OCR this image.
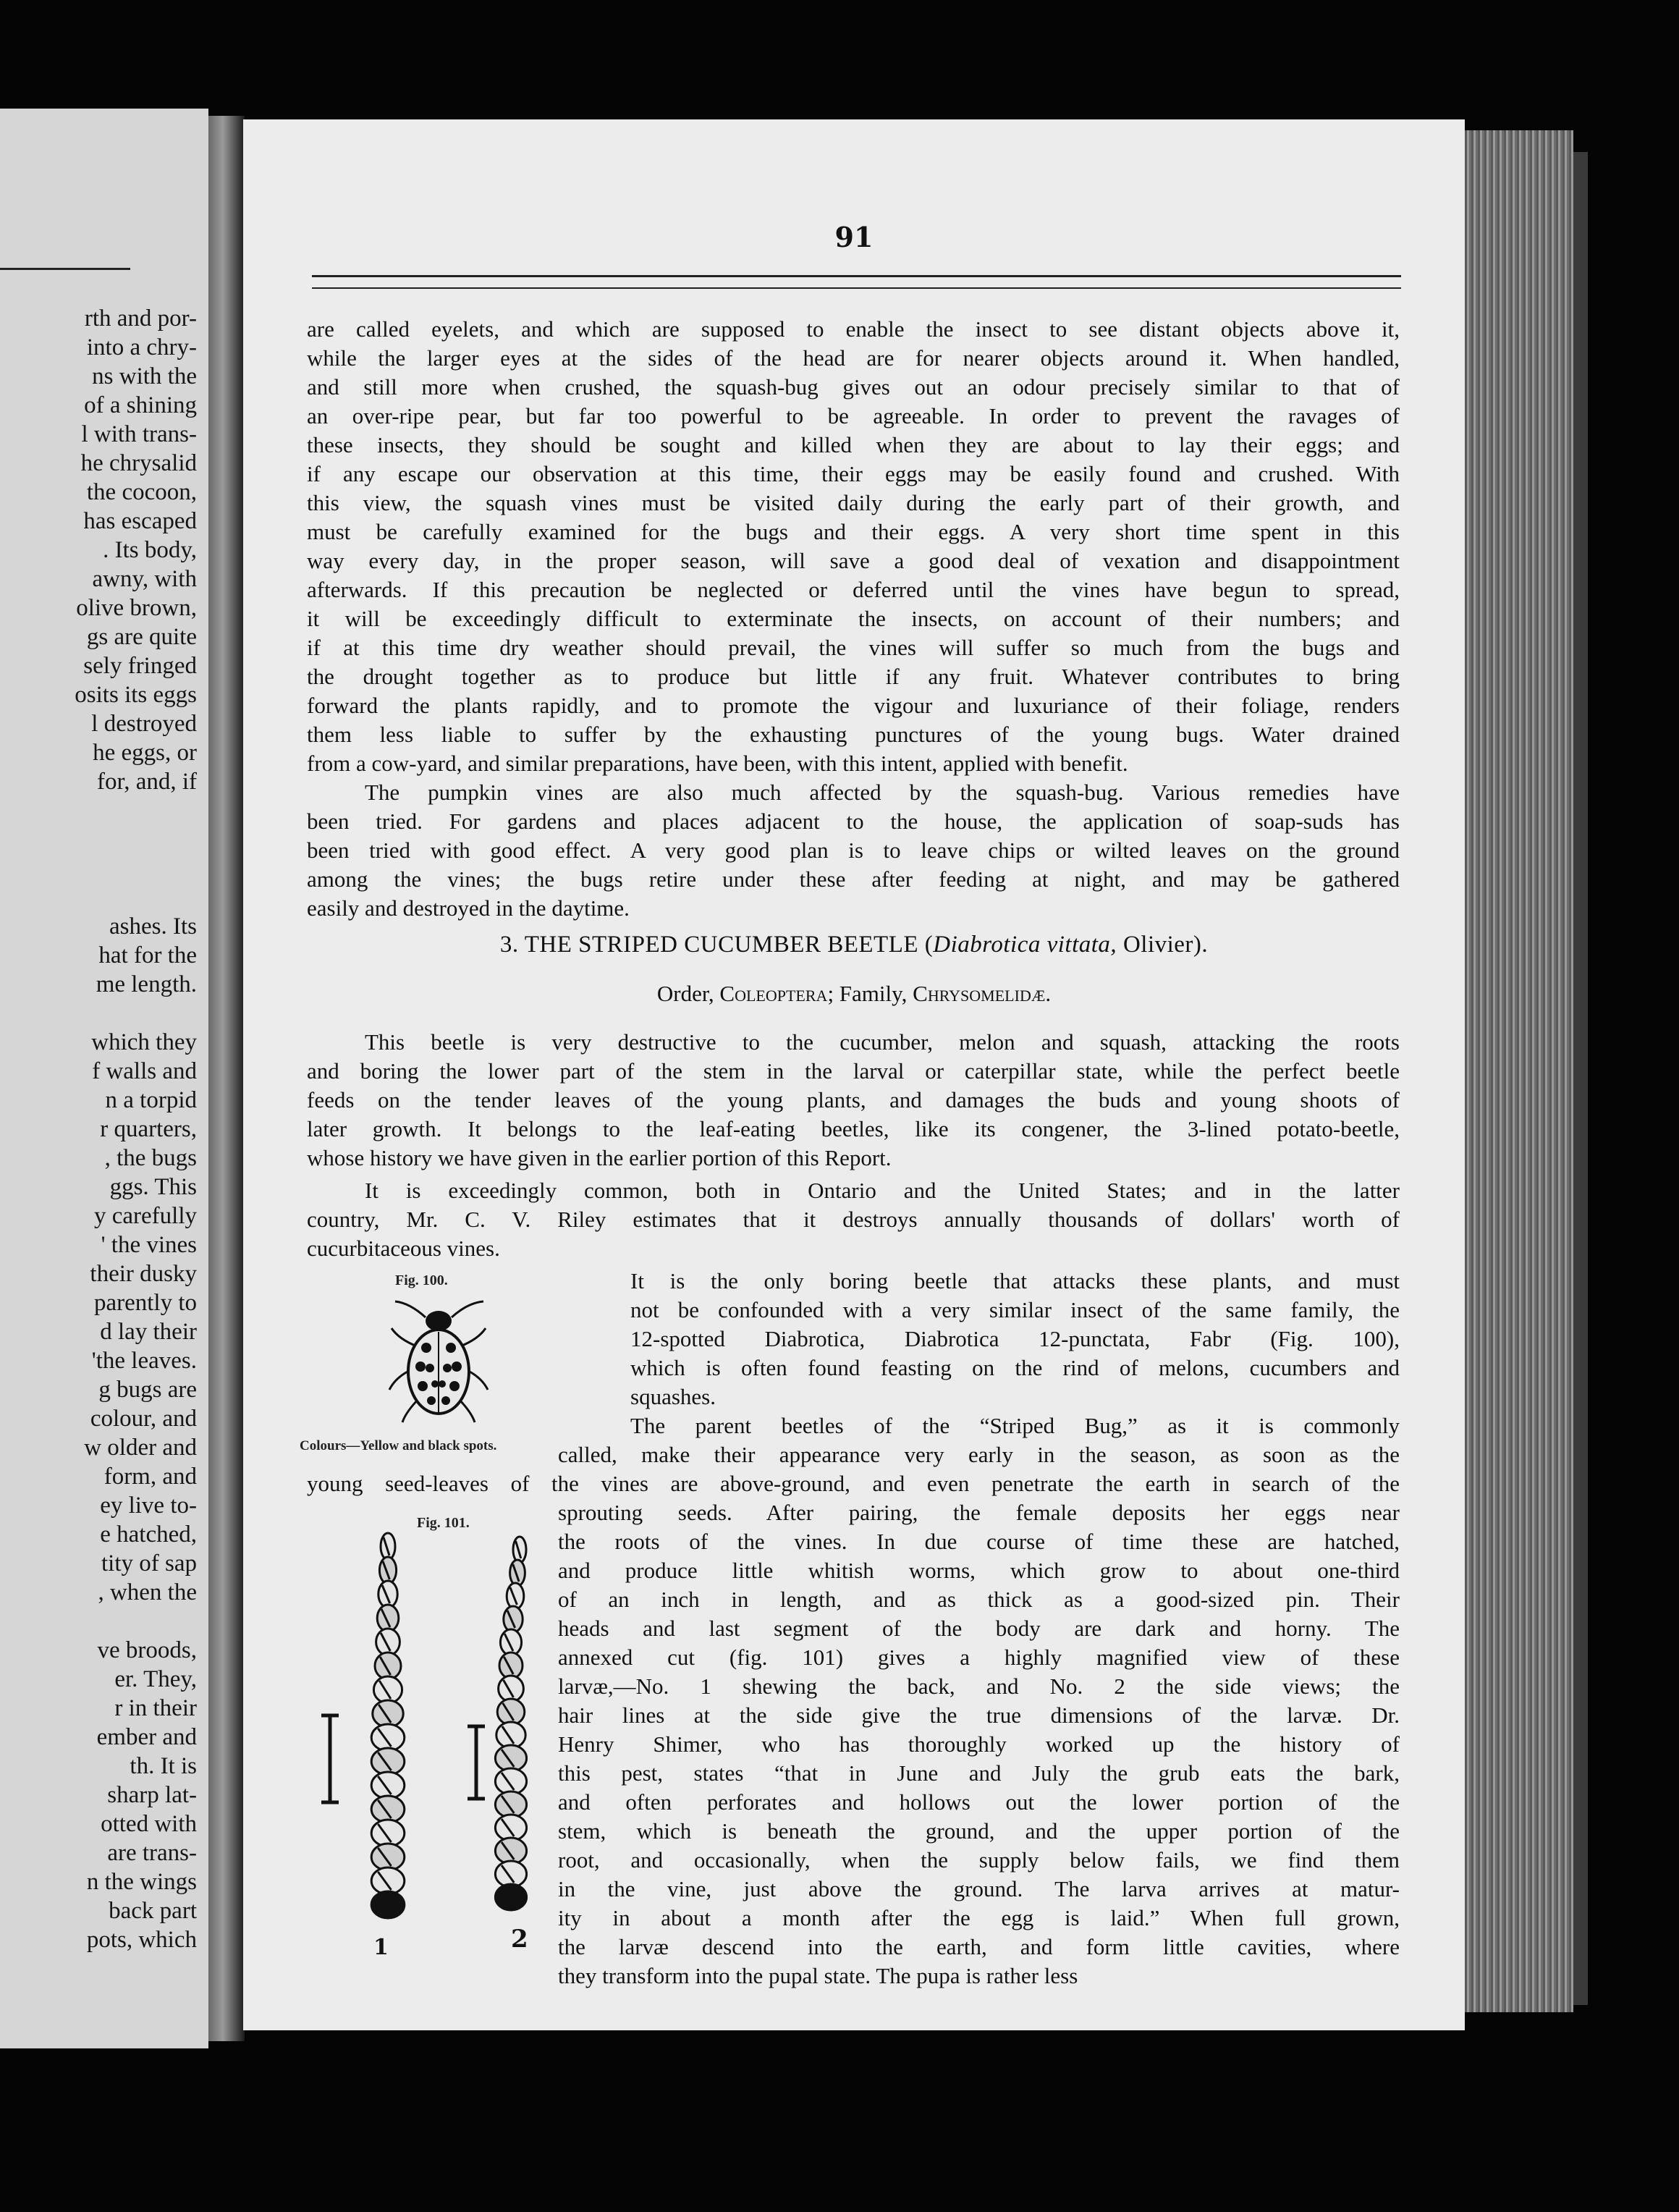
rth and por-
into a chry-
ns with the
of a shining
l with trans-
he chrysalid
the cocoon,
has escaped
. Its body,
awny, with
olive brown,
gs are quite
sely fringed
osits its eggs
l destroyed
he eggs, or
for, and, if
ashes. Its
hat for the
me length.
which they
f walls and
n a torpid
r quarters,
, the bugs
ggs. This
y carefully
' the vines
their dusky
parently to
d lay their
'the leaves.
g bugs are
colour, and
w older and
form, and
ey live to-
e hatched,
tity of sap
, when the
ve broods,
er. They,
r in their
ember and
th. It is
sharp lat-
otted with
are trans-
n the wings
back part
pots, which
91
are called eyelets, and which are supposed to enable the insect to see distant objects above it,
while the larger eyes at the sides of the head are for nearer objects around it. When handled,
and still more when crushed, the squash-bug gives out an odour precisely similar to that of
an over-ripe pear, but far too powerful to be agreeable. In order to prevent the ravages of
these insects, they should be sought and killed when they are about to lay their eggs; and
if any escape our observation at this time, their eggs may be easily found and crushed. With
this view, the squash vines must be visited daily during the early part of their growth, and
must be carefully examined for the bugs and their eggs. A very short time spent in this
way every day, in the proper season, will save a good deal of vexation and disappointment
afterwards. If this precaution be neglected or deferred until the vines have begun to spread,
it will be exceedingly difficult to exterminate the insects, on account of their numbers; and
if at this time dry weather should prevail, the vines will suffer so much from the bugs and
the drought together as to produce but little if any fruit. Whatever contributes to bring
forward the plants rapidly, and to promote the vigour and luxuriance of their foliage, renders
them less liable to suffer by the exhausting punctures of the young bugs. Water drained
from a cow-yard, and similar preparations, have been, with this intent, applied with benefit.
The pumpkin vines are also much affected by the squash-bug. Various remedies have
been tried. For gardens and places adjacent to the house, the application of soap-suds has
been tried with good effect. A very good plan is to leave chips or wilted leaves on the ground
among the vines; the bugs retire under these after feeding at night, and may be gathered
easily and destroyed in the daytime.
3. THE STRIPED CUCUMBER BEETLE (Diabrotica vittata, Olivier).
Order, Coleoptera; Family, Chrysomelidæ.
This beetle is very destructive to the cucumber, melon and squash, attacking the roots
and boring the lower part of the stem in the larval or caterpillar state, while the perfect beetle
feeds on the tender leaves of the young plants, and damages the buds and young shoots of
later growth. It belongs to the leaf-eating beetles, like its congener, the 3-lined potato-beetle,
whose history we have given in the earlier portion of this Report.
It is exceedingly common, both in Ontario and the United States; and in the latter
country, Mr. C. V. Riley estimates that it destroys annually thousands of dollars' worth of
cucurbitaceous vines.
Fig. 100.
Colours—Yellow and black spots.
It is the only boring beetle that attacks these plants, and must
not be confounded with a very similar insect of the same family, the
12-spotted Diabrotica, Diabrotica 12-punctata, Fabr (Fig. 100),
which is often found feasting on the rind of melons, cucumbers and
squashes.
The parent beetles of the “Striped Bug,” as it is commonly
called, make their appearance very early in the season, as soon as the
young seed-leaves of the vines are above-ground, and even penetrate the earth in search of the
Fig. 101.
1	2
sprouting seeds. After pairing, the female deposits her eggs near
the roots of the vines. In due course of time these are hatched,
and produce little whitish worms, which grow to about one-third
of an inch in length, and as thick as a good-sized pin. Their
heads and last segment of the body are dark and horny. The
annexed cut (fig. 101) gives a highly magnified view of these
larvæ,—No. 1 shewing the back, and No. 2 the side views; the
hair lines at the side give the true dimensions of the larvæ. Dr.
Henry Shimer, who has thoroughly worked up the history of
this pest, states “that in June and July the grub eats the bark,
and often perforates and hollows out the lower portion of the
stem, which is beneath the ground, and the upper portion of the
root, and occasionally, when the supply below fails, we find them
in the vine, just above the ground. The larva arrives at matur-
ity in about a month after the egg is laid.” When full grown,
the larvæ descend into the earth, and form little cavities, where
they transform into the pupal state. The pupa is rather less
